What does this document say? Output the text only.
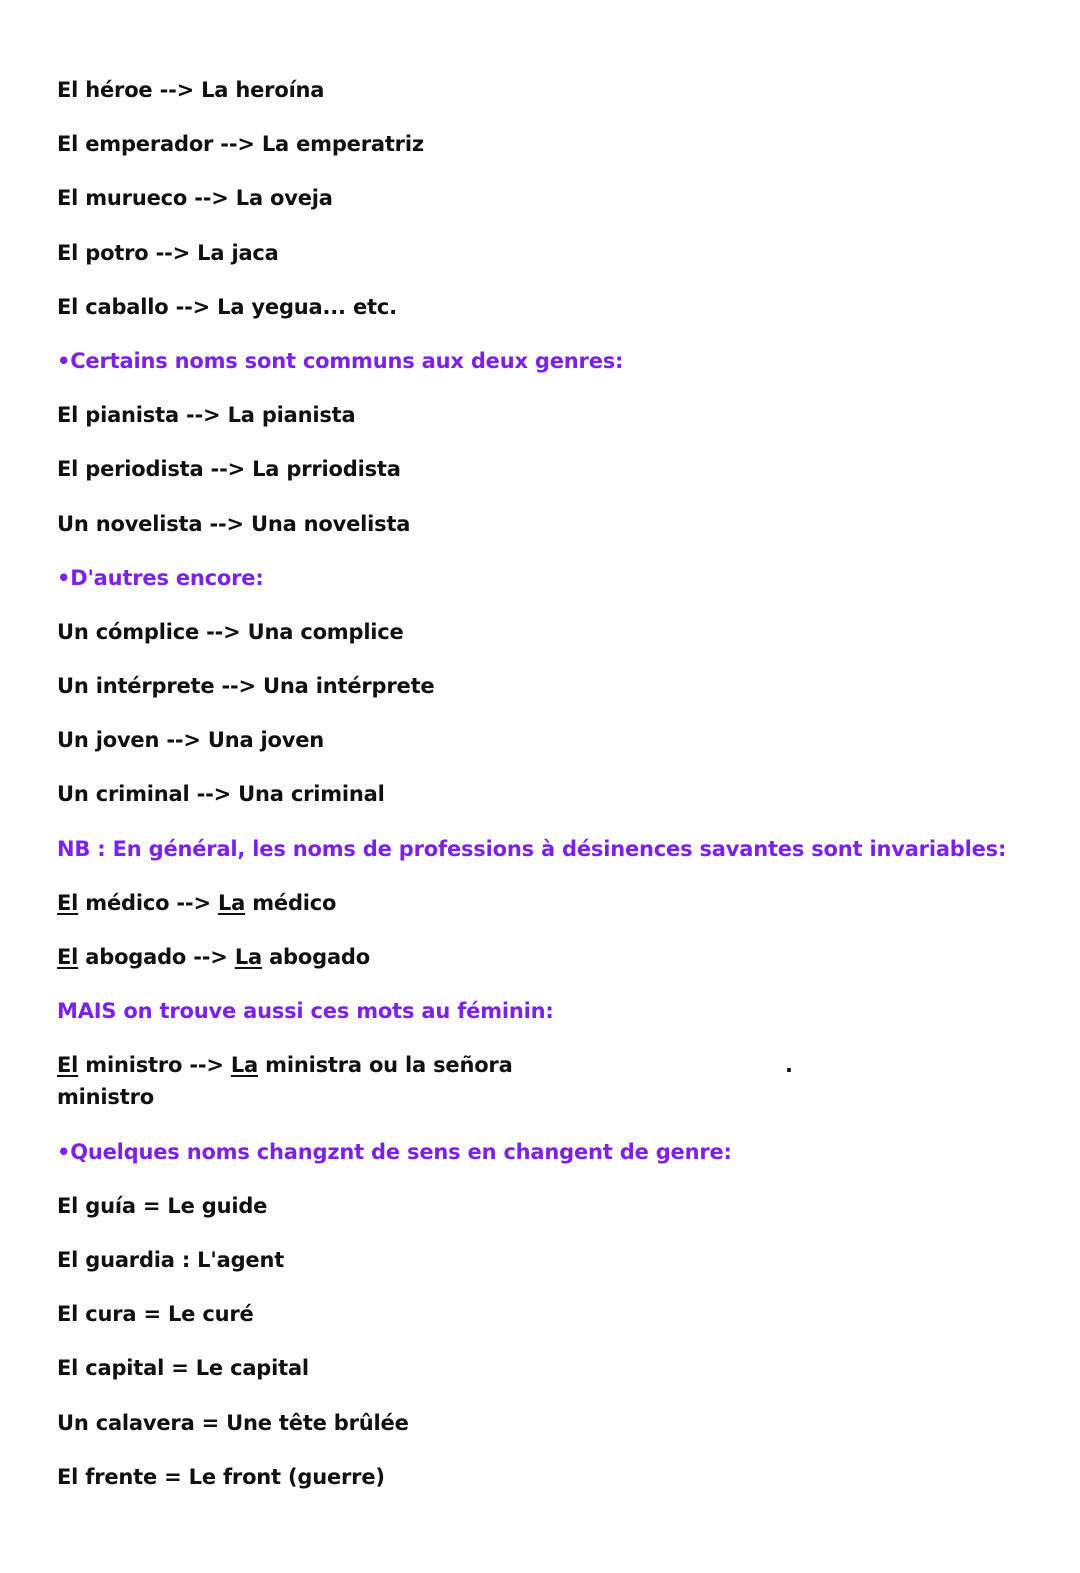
El héroe --> La heroína
El emperador --> La emperatriz
El murueco --> La oveja
El potro --> La jaca
El caballo --> La yegua... etc.
•Certains noms sont communs aux deux genres:
El pianista --> La pianista
El periodista --> La prriodista
Un novelista --> Una novelista
•D'autres encore:
Un cómplice --> Una complice
Un intérprete --> Una intérprete
Un joven --> Una joven
Un criminal --> Una criminal
NB : En général, les noms de professions à désinences savantes sont invariables:
El médico --> La médico
El abogado --> La abogado
MAIS on trouve aussi ces mots au féminin:
El ministro --> La ministra ou la señora	.

ministro
•Quelques noms changznt de sens en changent de genre:
El guía = Le guide
El guardia : L'agent
El cura = Le curé
El capital = Le capital
Un calavera = Une tête brûlée
El frente = Le front (guerre)
